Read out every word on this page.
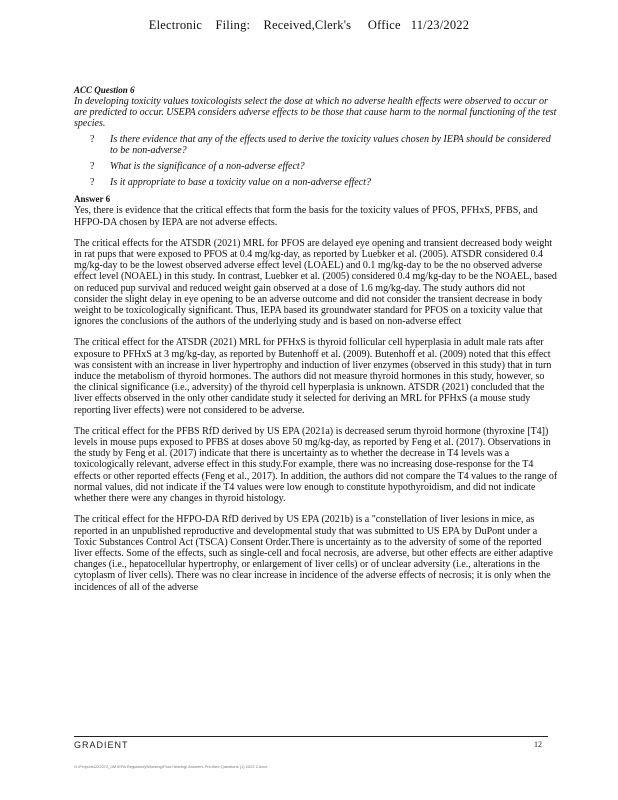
Electronic    Filing:    Received,Clerk's     Office   11/23/2022
ACC Question 6

In developing toxicity values toxicologists select the dose at which no adverse health effects were observed to occur or are predicted to occur. USEPA considers adverse effects to be those that cause harm to the normal functioning of the test species.

? Is there evidence that any of the effects used to derive the toxicity values chosen by IEPA should be considered to be non-adverse?
? What is the significance of a non-adverse effect?
? Is it appropriate to base a toxicity value on a non-adverse effect?
Answer 6

Yes, there is evidence that the critical effects that form the basis for the toxicity values of PFOS, PFHxS, PFBS, and HFPO-DA chosen by IEPA are not adverse effects.

The critical effects for the ATSDR (2021) MRL for PFOS are delayed eye opening and transient decreased body weight in rat pups that were exposed to PFOS at 0.4 mg/kg-day, as reported by Luebker et al. (2005). ATSDR considered 0.4 mg/kg-day to be the lowest observed adverse effect level (LOAEL) and 0.1 mg/kg-day to be the no observed adverse effect level (NOAEL) in this study. In contrast, Luebker et al. (2005) considered 0.4 mg/kg-day to be the NOAEL, based on reduced pup survival and reduced weight gain observed at a dose of 1.6 mg/kg-day. The study authors did not consider the slight delay in eye opening to be an adverse outcome and did not consider the transient decrease in body weight to be toxicologically significant. Thus, IEPA based its groundwater standard for PFOS on a toxicity value that ignores the conclusions of the authors of the underlying study and is based on non-adverse effect

The critical effect for the ATSDR (2021) MRL for PFHxS is thyroid follicular cell hyperplasia in adult male rats after exposure to PFHxS at 3 mg/kg-day, as reported by Butenhoff et al. (2009). Butenhoff et al. (2009) noted that this effect was consistent with an increase in liver hypertrophy and induction of liver enzymes (observed in this study) that in turn induce the metabolism of thyroid hormones. The authors did not measure thyroid hormones in this study, however, so the clinical significance (i.e., adversity) of the thyroid cell hyperplasia is unknown. ATSDR (2021) concluded that the liver effects observed in the only other candidate study it selected for deriving an MRL for PFHxS (a mouse study reporting liver effects) were not considered to be adverse.

The critical effect for the PFBS RfD derived by US EPA (2021a) is decreased serum thyroid hormone (thyroxine [T4]) levels in mouse pups exposed to PFBS at doses above 50 mg/kg-day, as reported by Feng et al. (2017). Observations in the study by Feng et al. (2017) indicate that there is uncertainty as to whether the decrease in T4 levels was a toxicologically relevant, adverse effect in this study.For example, there was no increasing dose-response for the T4 effects or other reported effects (Feng et al., 2017). In addition, the authors did not compare the T4 values to the range of normal values, did not indicate if the T4 values were low enough to constitute hypothyroidism, and did not indicate whether there were any changes in thyroid histology.

The critical effect for the HFPO-DA RfD derived by US EPA (2021b) is a "constellation of liver lesions in mice, as reported in an unpublished reproductive and developmental study that was submitted to US EPA by DuPont under a Toxic Substances Control Act (TSCA) Consent Order.There is uncertainty as to the adversity of some of the reported liver effects. Some of the effects, such as single-cell and focal necrosis, are adverse, but other effects are either adaptive changes (i.e., hepatocellular hypertrophy, or enlargement of liver cells) or of unclear adversity (i.e., alterations in the cytoplasm of liver cells). There was no clear increase in incidence of the adverse effects of necrosis; it is only when the incidences of all of the adverse

GRADIENT	12
G:\Projects\222072_3M IEPA Regulatory\Working\Post Hearing\ Answers Pre-filed Questions (1) 2022 2.docx
